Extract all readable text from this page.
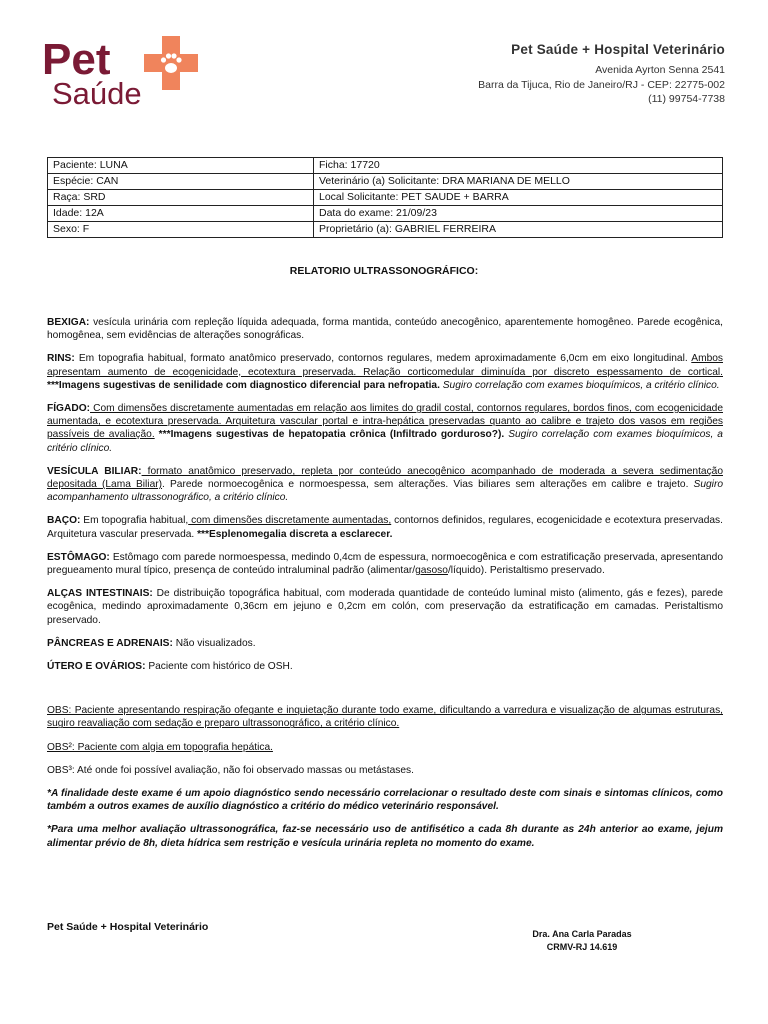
Pet
Saúde
Pet Saúde + Hospital Veterinário
Avenida Ayrton Senna 2541
Barra da Tijuca, Rio de Janeiro/RJ - CEP: 22775-002
(11) 99754-7738
Paciente: LUNA	Ficha: 17720
Espécie: CAN	Veterinário (a) Solicitante: DRA MARIANA DE MELLO
Raça: SRD	Local Solicitante: PET SAUDE + BARRA
Idade: 12A	Data do exame: 21/09/23
Sexo: F	Proprietário (a): GABRIEL FERREIRA
RELATORIO ULTRASSONOGRÁFICO:

BEXIGA: vesícula urinária com repleção líquida adequada, forma mantida, conteúdo anecogênico, aparentemente homogêneo. Parede ecogênica, homogênea, sem evidências de alterações sonográficas.

RINS: Em topografia habitual, formato anatômico preservado, contornos regulares, medem aproximadamente 6,0cm em eixo longitudinal. Ambos apresentam aumento de ecogenicidade, ecotextura preservada. Relação corticomedular diminuída por discreto espessamento de cortical. ***Imagens sugestivas de senilidade com diagnostico diferencial para nefropatia. Sugiro correlação com exames bioquímicos, a critério clínico.

FÍGADO: Com dimensões discretamente aumentadas em relação aos limites do gradil costal, contornos regulares, bordos finos, com ecogenicidade aumentada, e ecotextura preservada. Arquitetura vascular portal e intra-hepática preservadas quanto ao calibre e trajeto dos vasos em regiões passíveis de avaliação. ***Imagens sugestivas de hepatopatia crônica (Infiltrado gorduroso?). Sugiro correlação com exames bioquímicos, a critério clínico.

VESÍCULA BILIAR: formato anatômico preservado, repleta por conteúdo anecogênico acompanhado de moderada a severa sedimentação depositada (Lama Biliar). Parede normoecogênica e normoespessa, sem alterações. Vias biliares sem alterações em calibre e trajeto. Sugiro acompanhamento ultrassonográfico, a critério clínico.

BAÇO: Em topografia habitual, com dimensões discretamente aumentadas, contornos definidos, regulares, ecogenicidade e ecotextura preservadas. Arquitetura vascular preservada. ***Esplenomegalia discreta a esclarecer.

ESTÔMAGO: Estômago com parede normoespessa, medindo 0,4cm de espessura, normoecogênica e com estratificação preservada, apresentando pregueamento mural típico, presença de conteúdo intraluminal padrão (alimentar/gasoso/líquido). Peristaltismo preservado.

ALÇAS INTESTINAIS: De distribuição topográfica habitual, com moderada quantidade de conteúdo luminal misto (alimento, gás e fezes), parede ecogênica, medindo aproximadamente 0,36cm em jejuno e 0,2cm em colón, com preservação da estratificação em camadas. Peristaltismo preservado.

PÂNCREAS E ADRENAIS: Não visualizados.

ÚTERO E OVÁRIOS: Paciente com histórico de OSH.

OBS: Paciente apresentando respiração ofegante e inquietação durante todo exame, dificultando a varredura e visualização de algumas estruturas, sugiro reavaliação com sedação e preparo ultrassonográfico, a critério clínico.

OBS²: Paciente com algia em topografia hepática.

OBS³: Até onde foi possível avaliação, não foi observado massas ou metástases.

*A finalidade deste exame é um apoio diagnóstico sendo necessário correlacionar o resultado deste com sinais e sintomas clínicos, como também a outros exames de auxílio diagnóstico a critério do médico veterinário responsável.

*Para uma melhor avaliação ultrassonográfica, faz-se necessário uso de antifisético a cada 8h durante as 24h anterior ao exame, jejum alimentar prévio de 8h, dieta hídrica sem restrição e vesícula urinária repleta no momento do exame.

Pet Saúde + Hospital Veterinário
Dra. Ana Carla Paradas
CRMV-RJ 14.619
